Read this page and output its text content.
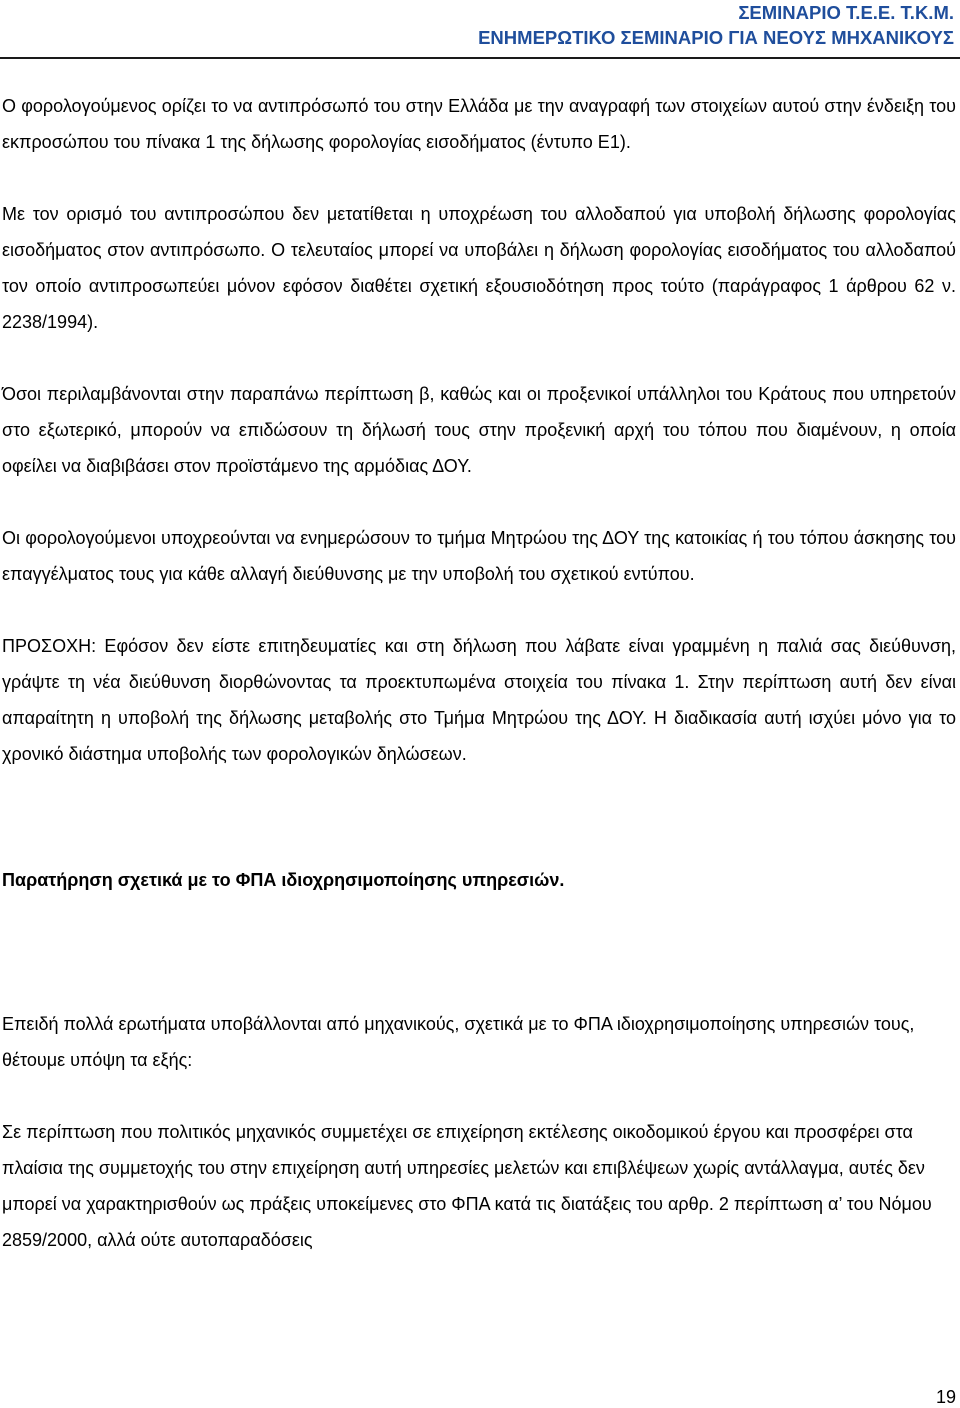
ΣΕΜΙΝΑΡΙΟ Τ.Ε.Ε. Τ.Κ.Μ.
ΕΝΗΜΕΡΩΤΙΚΟ ΣΕΜΙΝΑΡΙΟ ΓΙΑ ΝΕΟΥΣ ΜΗΧΑΝΙΚΟΥΣ

Ο φορολογούμενος ορίζει το να αντιπρόσωπό του στην Ελλάδα με την αναγραφή των στοιχείων αυτού στην ένδειξη του εκπροσώπου του πίνακα 1 της δήλωσης φορολογίας εισοδήματος (έντυπο Ε1).

Με τον ορισμό του αντιπροσώπου δεν μετατίθεται η υποχρέωση του αλλοδαπού για υποβολή δήλωσης φορολογίας εισοδήματος στον αντιπρόσωπο. Ο τελευταίος μπορεί να υποβάλει η δήλωση φορολογίας εισοδήματος του αλλοδαπού τον οποίο αντιπροσωπεύει μόνον εφόσον διαθέτει σχετική εξουσιοδότηση προς τούτο (παράγραφος 1 άρθρου 62 ν. 2238/1994).

Όσοι περιλαμβάνονται στην παραπάνω περίπτωση β, καθώς και οι προξενικοί υπάλληλοι του Κράτους που υπηρετούν στο εξωτερικό, μπορούν να επιδώσουν τη δήλωσή τους στην προξενική αρχή του τόπου που διαμένουν, η οποία οφείλει να διαβιβάσει στον προϊστάμενο της αρμόδιας ΔΟΥ.

Οι φορολογούμενοι υποχρεούνται να ενημερώσουν το τμήμα Μητρώου της ΔΟΥ της κατοικίας ή του τόπου άσκησης του επαγγέλματος τους για κάθε αλλαγή διεύθυνσης με την υποβολή του σχετικού εντύπου.

ΠΡΟΣΟΧΗ: Εφόσον δεν είστε επιτηδευματίες και στη δήλωση που λάβατε είναι γραμμένη η παλιά σας διεύθυνση, γράψτε τη νέα διεύθυνση διορθώνοντας τα προεκτυπωμένα στοιχεία του πίνακα 1. Στην περίπτωση αυτή δεν είναι απαραίτητη η υποβολή της δήλωσης μεταβολής στο Τμήμα Μητρώου της ΔΟΥ. Η διαδικασία αυτή ισχύει μόνο για το χρονικό διάστημα υποβολής των φορολογικών δηλώσεων.

Παρατήρηση σχετικά με το ΦΠΑ ιδιοχρησιμοποίησης υπηρεσιών.

Επειδή πολλά ερωτήματα υποβάλλονται από μηχανικούς, σχετικά με το ΦΠΑ ιδιοχρησιμοποίησης υπηρεσιών τους, θέτουμε υπόψη τα εξής:

Σε περίπτωση που πολιτικός μηχανικός συμμετέχει σε επιχείρηση εκτέλεσης οικοδομικού έργου και προσφέρει στα πλαίσια της συμμετοχής του στην επιχείρηση αυτή υπηρεσίες μελετών και επιβλέψεων χωρίς αντάλλαγμα, αυτές δεν μπορεί να χαρακτηρισθούν ως πράξεις υποκείμενες στο ΦΠΑ κατά τις διατάξεις του αρθρ. 2 περίπτωση α’ του Νόμου 2859/2000, αλλά ούτε αυτοπαραδόσεις

19
